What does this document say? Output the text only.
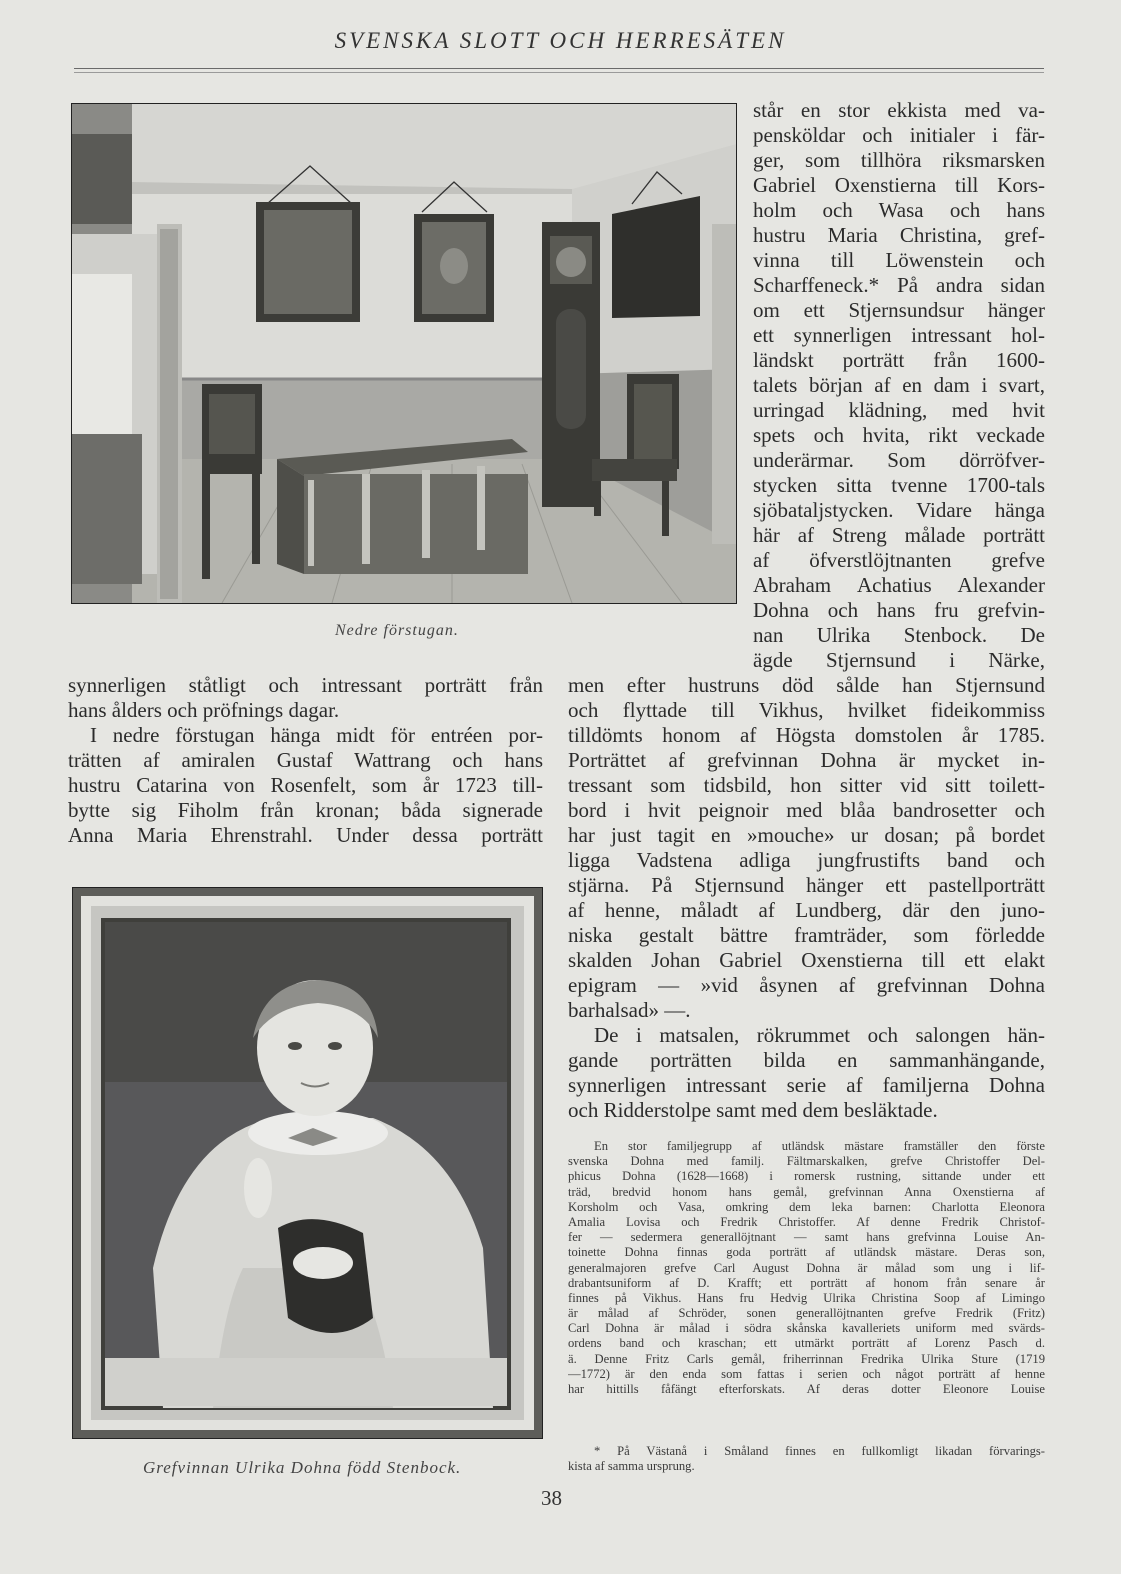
SVENSKA SLOTT OCH HERRESÄTEN
Nedre förstugan.
står en stor ekkista med va-
pensköldar och initialer i fär-
ger, som tillhöra riksmarsken
Gabriel Oxenstierna till Kors-
holm och Wasa och hans
hustru Maria Christina, gref-
vinna till Löwenstein och
Scharffeneck.* På andra sidan
om ett Stjernsundsur hänger
ett synnerligen intressant hol-
ländskt porträtt från 1600-
talets början af en dam i svart,
urringad klädning, med hvit
spets och hvita, rikt veckade
underärmar. Som dörröfver-
stycken sitta tvenne 1700-tals
sjöbataljstycken. Vidare hänga
här af Streng målade porträtt
af öfverstlöjtnanten grefve
Abraham Achatius Alexander
Dohna och hans fru grefvin-
nan Ulrika Stenbock. De
ägde Stjernsund i Närke,
synnerligen ståtligt och intressant porträtt från
hans ålders och pröfnings dagar.
I nedre förstugan hänga midt för entréen por-
trätten af amiralen Gustaf Wattrang och hans
hustru Catarina von Rosenfelt, som år 1723 till-
bytte sig Fiholm från kronan; båda signerade
Anna Maria Ehrenstrahl. Under dessa porträtt
men efter hustruns död sålde han Stjernsund
och flyttade till Vikhus, hvilket fideikommiss
tilldömts honom af Högsta domstolen år 1785.
Porträttet af grefvinnan Dohna är mycket in-
tressant som tidsbild, hon sitter vid sitt toilett-
bord i hvit peignoir med blåa bandrosetter och
har just tagit en »mouche» ur dosan; på bordet
ligga Vadstena adliga jungfrustifts band och
stjärna. På Stjernsund hänger ett pastellporträtt
af henne, måladt af Lundberg, där den juno-
niska gestalt bättre framträder, som förledde
skalden Johan Gabriel Oxenstierna till ett elakt
epigram — »vid åsynen af grefvinnan Dohna
barhalsad» —.
De i matsalen, rökrummet och salongen hän-
gande porträtten bilda en sammanhängande,
synnerligen intressant serie af familjerna Dohna
och Ridderstolpe samt med dem besläktade.
Grefvinnan Ulrika Dohna född Stenbock.
En stor familjegrupp af utländsk mästare framställer den förste
svenska Dohna med familj. Fältmarskalken, grefve Christoffer Del-
phicus Dohna (1628—1668) i romersk rustning, sittande under ett
träd, bredvid honom hans gemål, grefvinnan Anna Oxenstierna af
Korsholm och Vasa, omkring dem leka barnen: Charlotta Eleonora
Amalia Lovisa och Fredrik Christoffer. Af denne Fredrik Christof-
fer — sedermera generallöjtnant — samt hans grefvinna Louise An-
toinette Dohna finnas goda porträtt af utländsk mästare. Deras son,
generalmajoren grefve Carl August Dohna är målad som ung i lif-
drabantsuniform af D. Krafft; ett porträtt af honom från senare år
finnes på Vikhus. Hans fru Hedvig Ulrika Christina Soop af Limingo
är målad af Schröder, sonen generallöjtnanten grefve Fredrik (Fritz)
Carl Dohna är målad i södra skånska kavalleriets uniform med svärds-
ordens band och kraschan; ett utmärkt porträtt af Lorenz Pasch d.
ä. Denne Fritz Carls gemål, friherrinnan Fredrika Ulrika Sture (1719
—1772) är den enda som fattas i serien och något porträtt af henne
har hittills fåfängt efterforskats. Af deras dotter Eleonore Louise
* På Västanå i Småland finnes en fullkomligt likadan förvarings-
kista af samma ursprung.
38
